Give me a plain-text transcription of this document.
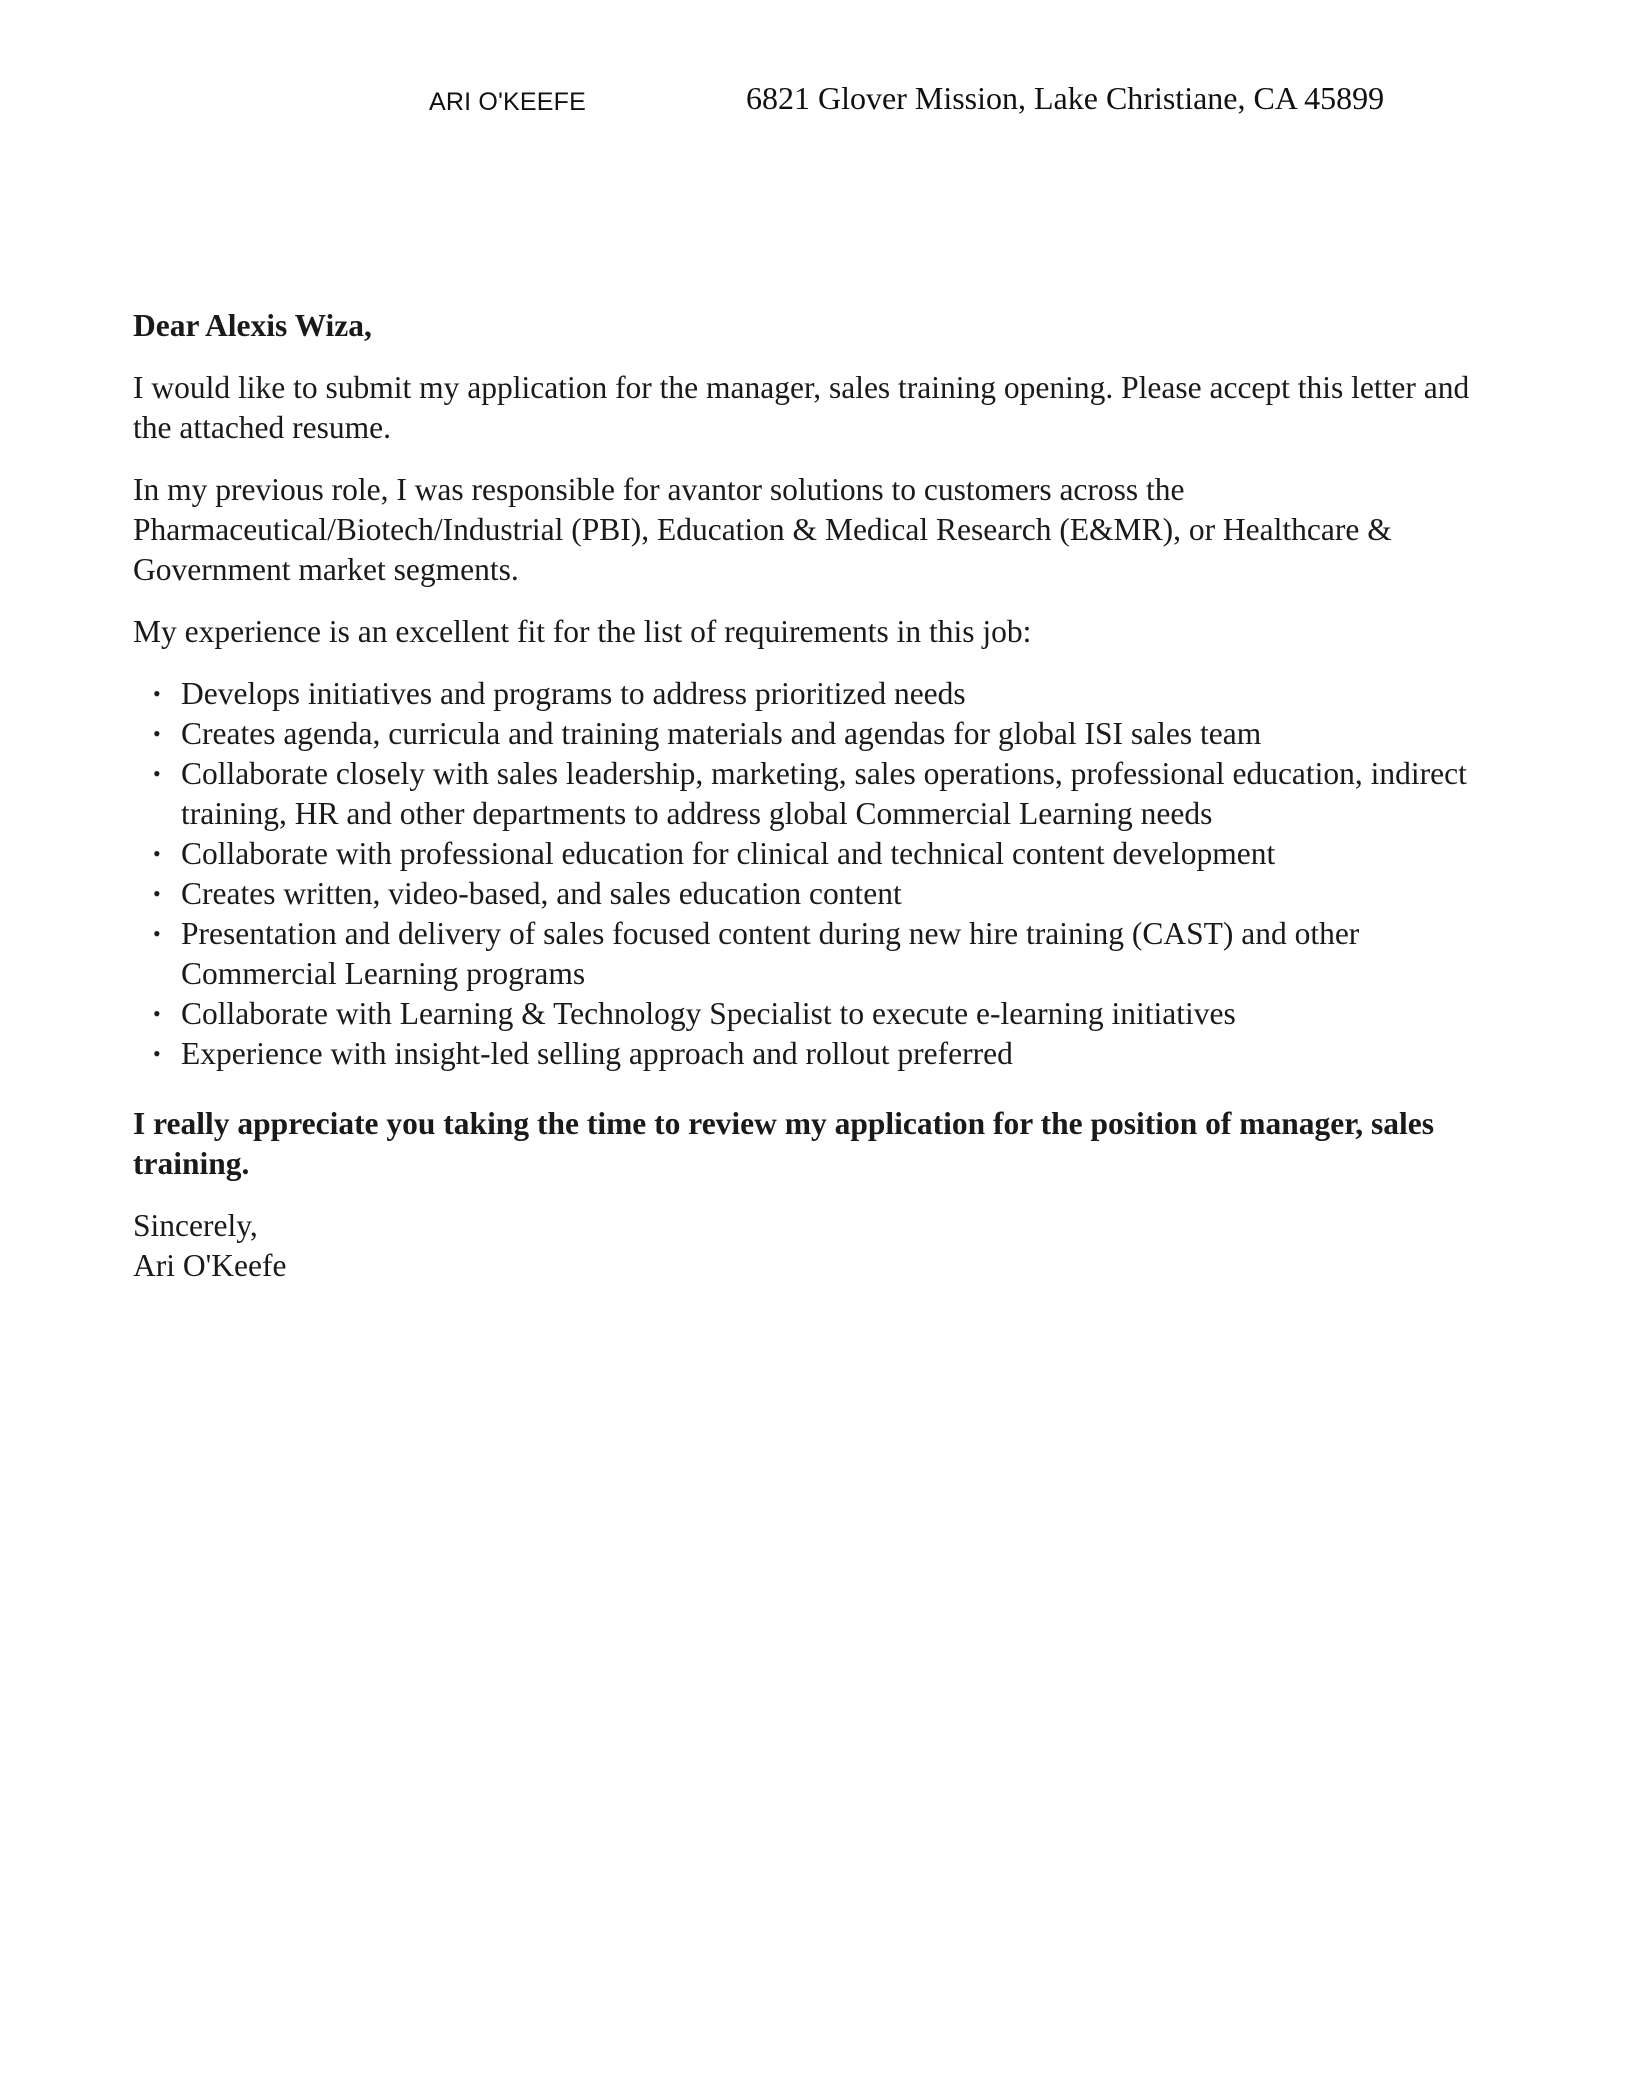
ARI O'KEEFE	6821 Glover Mission, Lake Christiane, CA 45899

Dear Alexis Wiza,

I would like to submit my application for the manager, sales training opening. Please accept this letter and the attached resume.

In my previous role, I was responsible for avantor solutions to customers across the Pharmaceutical/Biotech/Industrial (PBI), Education & Medical Research (E&MR), or Healthcare & Government market segments.

My experience is an excellent fit for the list of requirements in this job:

• Develops initiatives and programs to address prioritized needs
• Creates agenda, curricula and training materials and agendas for global ISI sales team
• Collaborate closely with sales leadership, marketing, sales operations, professional education, indirect training, HR and other departments to address global Commercial Learning needs
• Collaborate with professional education for clinical and technical content development
• Creates written, video-based, and sales education content
• Presentation and delivery of sales focused content during new hire training (CAST) and other Commercial Learning programs
• Collaborate with Learning & Technology Specialist to execute e-learning initiatives
• Experience with insight-led selling approach and rollout preferred

I really appreciate you taking the time to review my application for the position of manager, sales training.

Sincerely,

Ari O'Keefe
